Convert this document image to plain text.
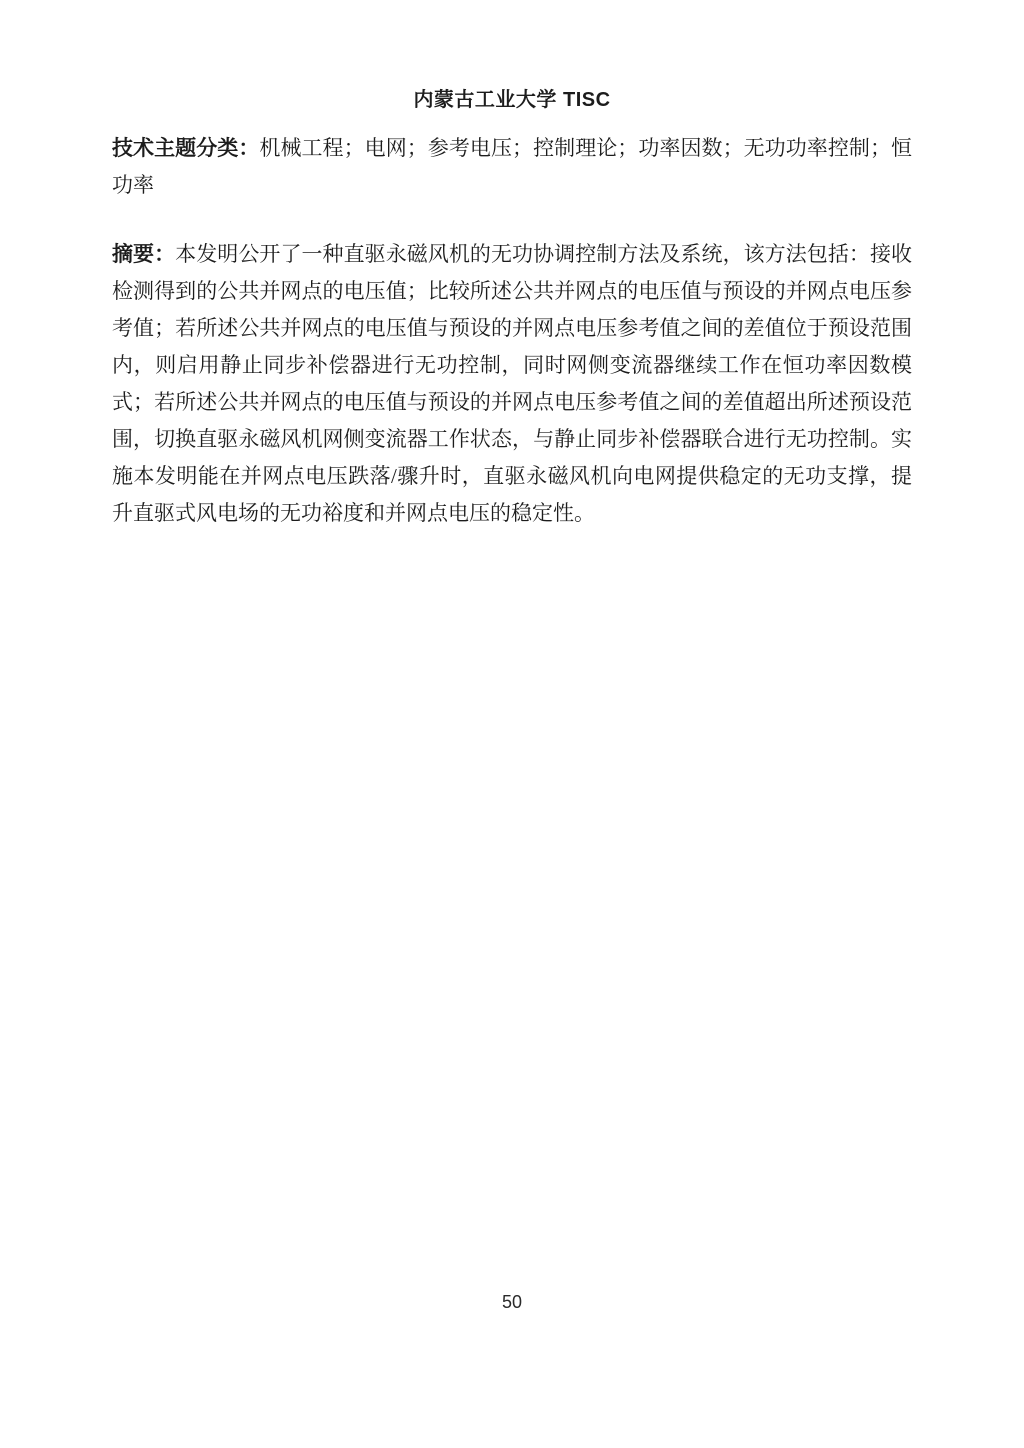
内蒙古工业大学 TISC

技术主题分类：机械工程；电网；参考电压；控制理论；功率因数；无功功率控制；恒功率

摘要：本发明公开了一种直驱永磁风机的无功协调控制方法及系统，该方法包括：接收检测得到的公共并网点的电压值；比较所述公共并网点的电压值与预设的并网点电压参考值；若所述公共并网点的电压值与预设的并网点电压参考值之间的差值位于预设范围内，则启用静止同步补偿器进行无功控制，同时网侧变流器继续工作在恒功率因数模式；若所述公共并网点的电压值与预设的并网点电压参考值之间的差值超出所述预设范围，切换直驱永磁风机网侧变流器工作状态，与静止同步补偿器联合进行无功控制。实施本发明能在并网点电压跌落/骤升时，直驱永磁风机向电网提供稳定的无功支撑，提升直驱式风电场的无功裕度和并网点电压的稳定性。

50
